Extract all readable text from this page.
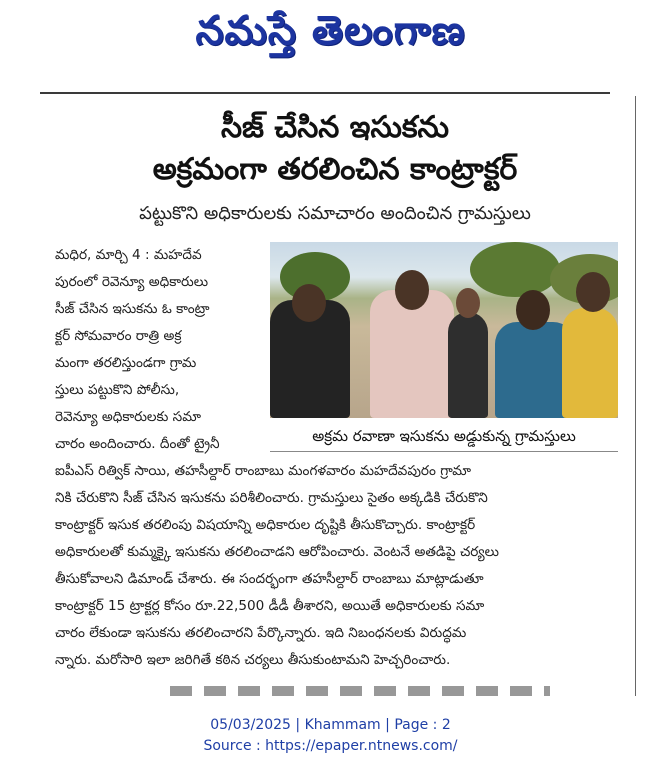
నమస్తే తెలంగాణ
సీజ్ చేసిన ఇసుకను
అక్రమంగా తరలించిన కాంట్రాక్టర్
పట్టుకొని అధికారులకు సమాచారం అందించిన గ్రామస్తులు
మధిర, మార్చి 4 : మహదేవ
పురంలో రెవెన్యూ అధికారులు
సీజ్ చేసిన ఇసుకను ఓ కాంట్రా
క్టర్ సోమవారం రాత్రి అక్ర
మంగా తరలిస్తుండగా గ్రామ
స్తులు పట్టుకొని పోలీసు,
రెవెన్యూ అధికారులకు సమా
చారం అందించారు. దీంతో ట్రైనీ	అక్రమ రవాణా ఇసుకను అడ్డుకున్న గ్రామస్తులు
ఐపీఎస్ రిత్విక్ సాయి, తహసీల్దార్ రాంబాబు మంగళవారం మహదేవపురం గ్రామా
నికి చేరుకొని సీజ్ చేసిన ఇసుకను పరిశీలించారు. గ్రామస్తులు సైతం అక్కడికి చేరుకొని
కాంట్రాక్టర్ ఇసుక తరలింపు విషయాన్ని అధికారుల దృష్టికి తీసుకొచ్చారు. కాంట్రాక్టర్
అధికారులతో కుమ్మక్కై ఇసుకను తరలించాడని ఆరోపించారు. వెంటనే అతడిపై చర్యలు
తీసుకోవాలని డిమాండ్ చేశారు. ఈ సందర్భంగా తహసీల్దార్ రాంబాబు మాట్లాడుతూ
కాంట్రాక్టర్ 15 ట్రాక్టర్ల కోసం రూ.22,500 డీడీ తీశారని, అయితే అధికారులకు సమా
చారం లేకుండా ఇసుకను తరలించారని పేర్కొన్నారు. ఇది నిబంధనలకు విరుద్ధమ
న్నారు. మరోసారి ఇలా జరిగితే కఠిన చర్యలు తీసుకుంటామని హెచ్చరించారు.
05/03/2025 | Khammam | Page : 2
Source : https://epaper.ntnews.com/
